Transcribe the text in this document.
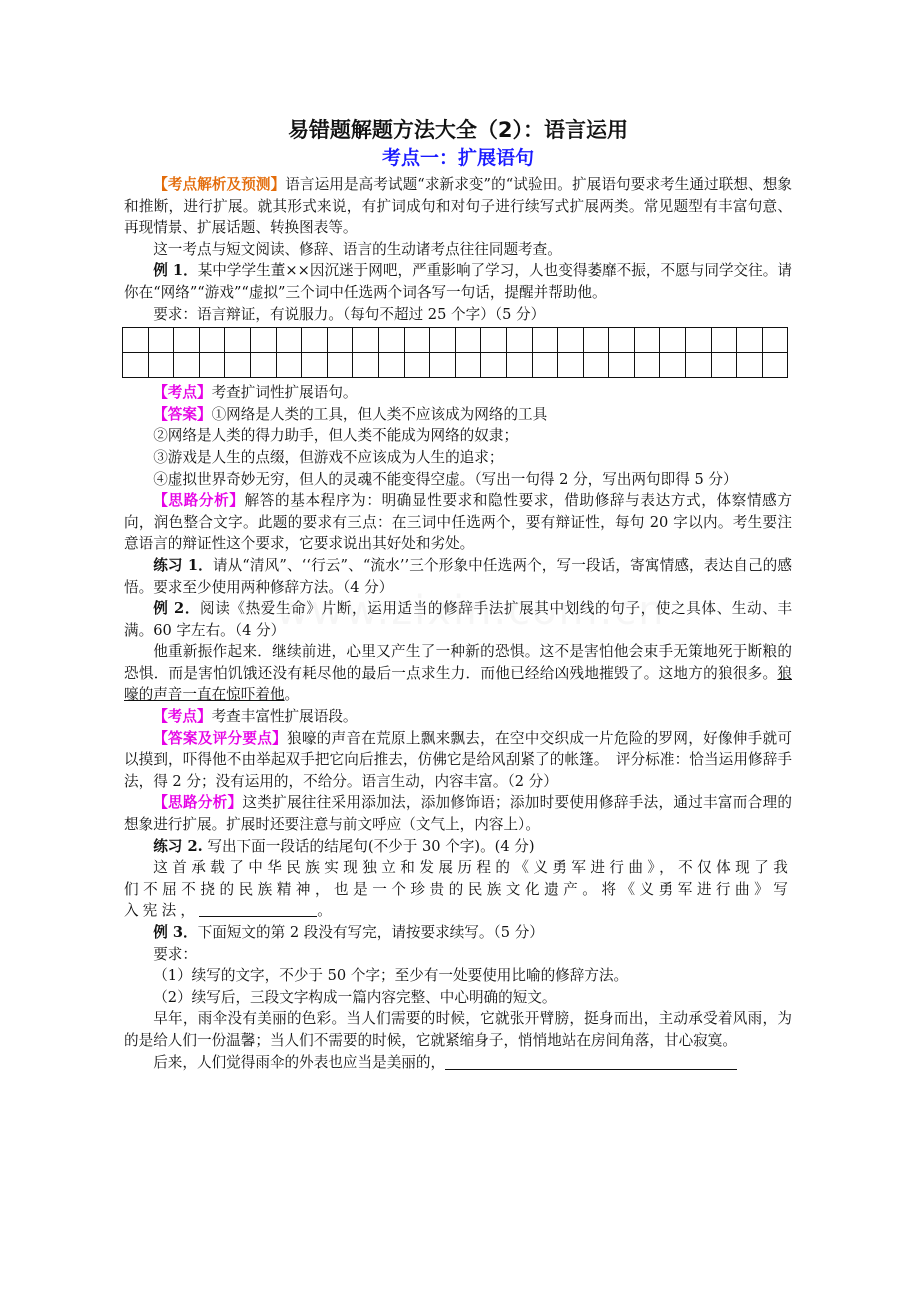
易错题解题方法大全（2）：语言运用
考点一：扩展语句

【考点解析及预测】语言运用是高考试题“求新求变”的“试验田。扩展语句要求考生通过联想、想象和推断，进行扩展。就其形式来说，有扩词成句和对句子进行续写式扩展两类。常见题型有丰富句意、再现情景、扩展话题、转换图表等。

这一考点与短文阅读、修辞、语言的生动诸考点往往同题考查。

例 1．某中学学生董××因沉迷于网吧，严重影响了学习，人也变得萎靡不振，不愿与同学交往。请你在“网络”“游戏”“虚拟”三个词中任选两个词各写一句话，提醒并帮助他。

要求：语言辩证，有说服力。（每句不超过 25 个字）（5 分）

【考点】考查扩词性扩展语句。

【答案】①网络是人类的工具，但人类不应该成为网络的工具

②网络是人类的得力助手，但人类不能成为网络的奴隶；

③游戏是人生的点缀，但游戏不应该成为人生的追求；

④虚拟世界奇妙无穷，但人的灵魂不能变得空虚。（写出一句得 2 分，写出两句即得 5 分）

【思路分析】解答的基本程序为：明确显性要求和隐性要求，借助修辞与表达方式，体察情感方向，润色整合文字。此题的要求有三点：在三词中任选两个，要有辩证性，每句 20 字以内。考生要注意语言的辩证性这个要求，它要求说出其好处和劣处。

练习 1．请从“清风”、‘‘行云”、“流水’’三个形象中任选两个，写一段话，寄寓情感，表达自己的感悟。要求至少使用两种修辞方法。（4 分）

例 2．阅读《热爱生命》片断，运用适当的修辞手法扩展其中划线的句子，使之具体、生动、丰满。60 字左右。（4 分）

他重新振作起来．继续前进，心里又产生了一种新的恐惧。这不是害怕他会束手无策地死于断粮的恐惧．而是害怕饥饿还没有耗尽他的最后一点求生力．而他已经给凶残地摧毁了。这地方的狼很多。狼嚎的声音一直在惊吓着他。

【考点】考查丰富性扩展语段。

【答案及评分要点】狼嚎的声音在荒原上飘来飘去，在空中交织成一片危险的罗网，好像伸手就可以摸到，吓得他不由举起双手把它向后推去，仿佛它是给风刮紧了的帐篷。　评分标准：恰当运用修辞手法，得 2 分；没有运用的，不给分。语言生动，内容丰富。（2 分）

【思路分析】这类扩展往往采用添加法，添加修饰语；添加时要使用修辞手法，通过丰富而合理的想象进行扩展。扩展时还要注意与前文呼应（文气上，内容上）。

练习 2. 写出下面一段话的结尾句(不少于 30 个字)。(4 分)

这首承载了中华民族实现独立和发展历程的《义勇军进行曲》，不仅体现了我们不屈不挠的民族精神，也是一个珍贵的民族文化遗产。将《义勇军进行曲》写入宪法，	。

例 3．下面短文的第 2 段没有写完，请按要求续写。（5 分）

要求：

（1）续写的文字，不少于 50 个字；至少有一处要使用比喻的修辞方法。

（2）续写后，三段文字构成一篇内容完整、中心明确的短文。

早年，雨伞没有美丽的色彩。当人们需要的时候，它就张开臂膀，挺身而出，主动承受着风雨，为的是给人们一份温馨；当人们不需要的时候，它就紧缩身子，悄悄地站在房间角落，甘心寂寞。

后来，人们觉得雨伞的外表也应当是美丽的，
